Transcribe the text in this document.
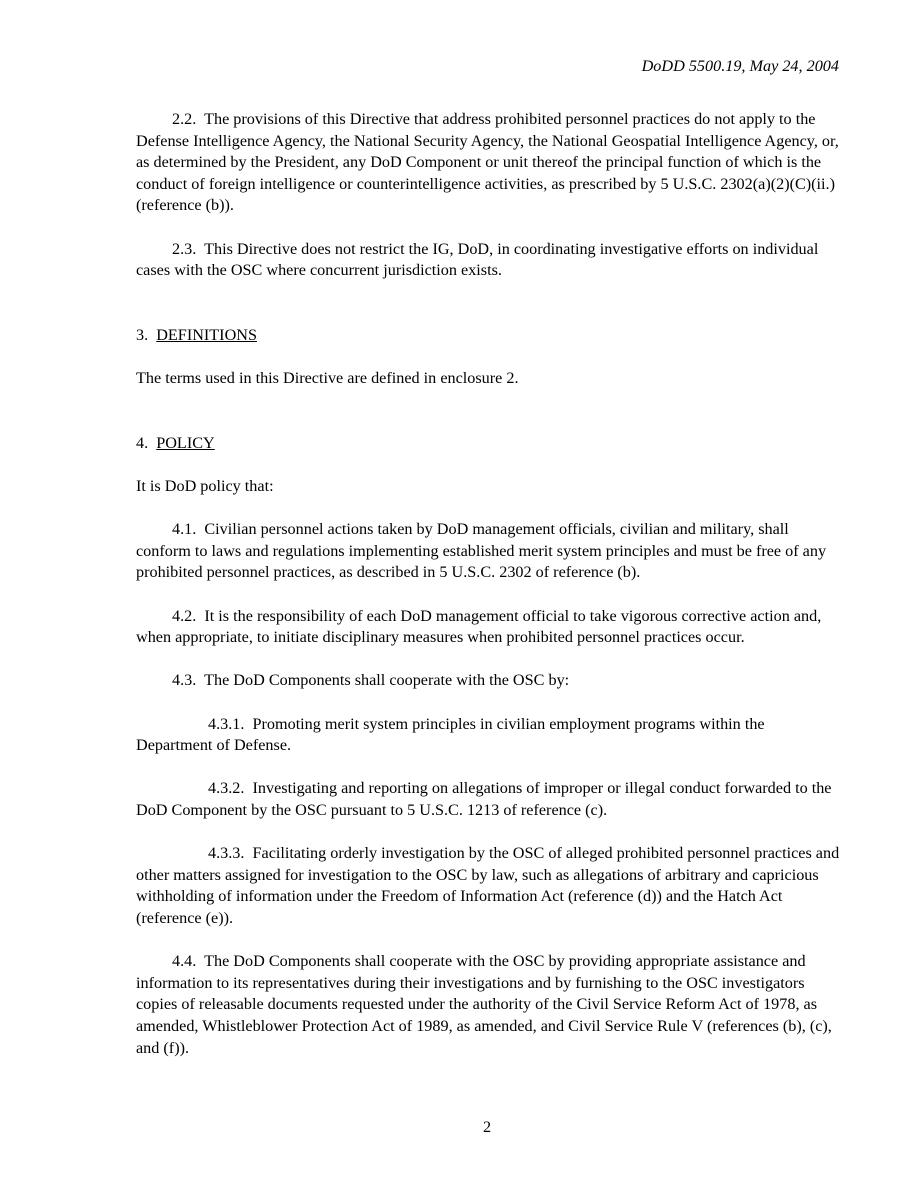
DoDD 5500.19, May 24, 2004

2.2. The provisions of this Directive that address prohibited personnel practices do not apply to the Defense Intelligence Agency, the National Security Agency, the National Geospatial Intelligence Agency, or, as determined by the President, any DoD Component or unit thereof the principal function of which is the conduct of foreign intelligence or counterintelligence activities, as prescribed by 5 U.S.C. 2302(a)(2)(C)(ii.) (reference (b)).

2.3. This Directive does not restrict the IG, DoD, in coordinating investigative efforts on individual cases with the OSC where concurrent jurisdiction exists.

3. DEFINITIONS

The terms used in this Directive are defined in enclosure 2.

4. POLICY

It is DoD policy that:

4.1. Civilian personnel actions taken by DoD management officials, civilian and military, shall conform to laws and regulations implementing established merit system principles and must be free of any prohibited personnel practices, as described in 5 U.S.C. 2302 of reference (b).

4.2. It is the responsibility of each DoD management official to take vigorous corrective action and, when appropriate, to initiate disciplinary measures when prohibited personnel practices occur.

4.3. The DoD Components shall cooperate with the OSC by:

4.3.1. Promoting merit system principles in civilian employment programs within the Department of Defense.

4.3.2. Investigating and reporting on allegations of improper or illegal conduct forwarded to the DoD Component by the OSC pursuant to 5 U.S.C. 1213 of reference (c).

4.3.3. Facilitating orderly investigation by the OSC of alleged prohibited personnel practices and other matters assigned for investigation to the OSC by law, such as allegations of arbitrary and capricious withholding of information under the Freedom of Information Act (reference (d)) and the Hatch Act (reference (e)).

4.4. The DoD Components shall cooperate with the OSC by providing appropriate assistance and information to its representatives during their investigations and by furnishing to the OSC investigators copies of releasable documents requested under the authority of the Civil Service Reform Act of 1978, as amended, Whistleblower Protection Act of 1989, as amended, and Civil Service Rule V (references (b), (c), and (f)).

2
